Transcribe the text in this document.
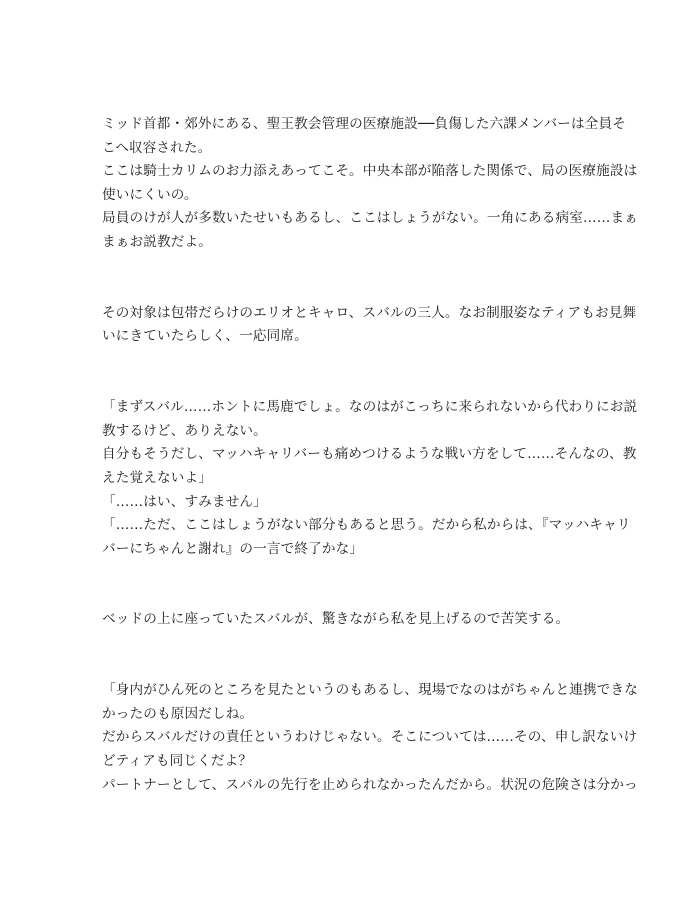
ミッド首都・郊外にある、聖王教会管理の医療施設──負傷した六課メンバーは全員そ
こへ収容された。
ここは騎士カリムのお力添えあってこそ。中央本部が陥落した関係で、局の医療施設は
使いにくいの。
局員のけが人が多数いたせいもあるし、ここはしょうがない。一角にある病室……まぁ
まぁお説教だよ。
その対象は包帯だらけのエリオとキャロ、スバルの三人。なお制服姿なティアもお見舞
いにきていたらしく、一応同席。
「まずスバル……ホントに馬鹿でしょ。なのはがこっちに来られないから代わりにお説
教するけど、ありえない。
自分もそうだし、マッハキャリバーも痛めつけるような戦い方をして……そんなの、教
えた覚えないよ」
「……はい、すみません」
「……ただ、ここはしょうがない部分もあると思う。だから私からは、『マッハキャリ
バーにちゃんと謝れ』の一言で終了かな」
ベッドの上に座っていたスバルが、驚きながら私を見上げるので苦笑する。
「身内がひん死のところを見たというのもあるし、現場でなのはがちゃんと連携できな
かったのも原因だしね。
だからスバルだけの責任というわけじゃない。そこについては……その、申し訳ないけ
どティアも同じくだよ？
パートナーとして、スバルの先行を止められなかったんだから。状況の危険さは分かっ
